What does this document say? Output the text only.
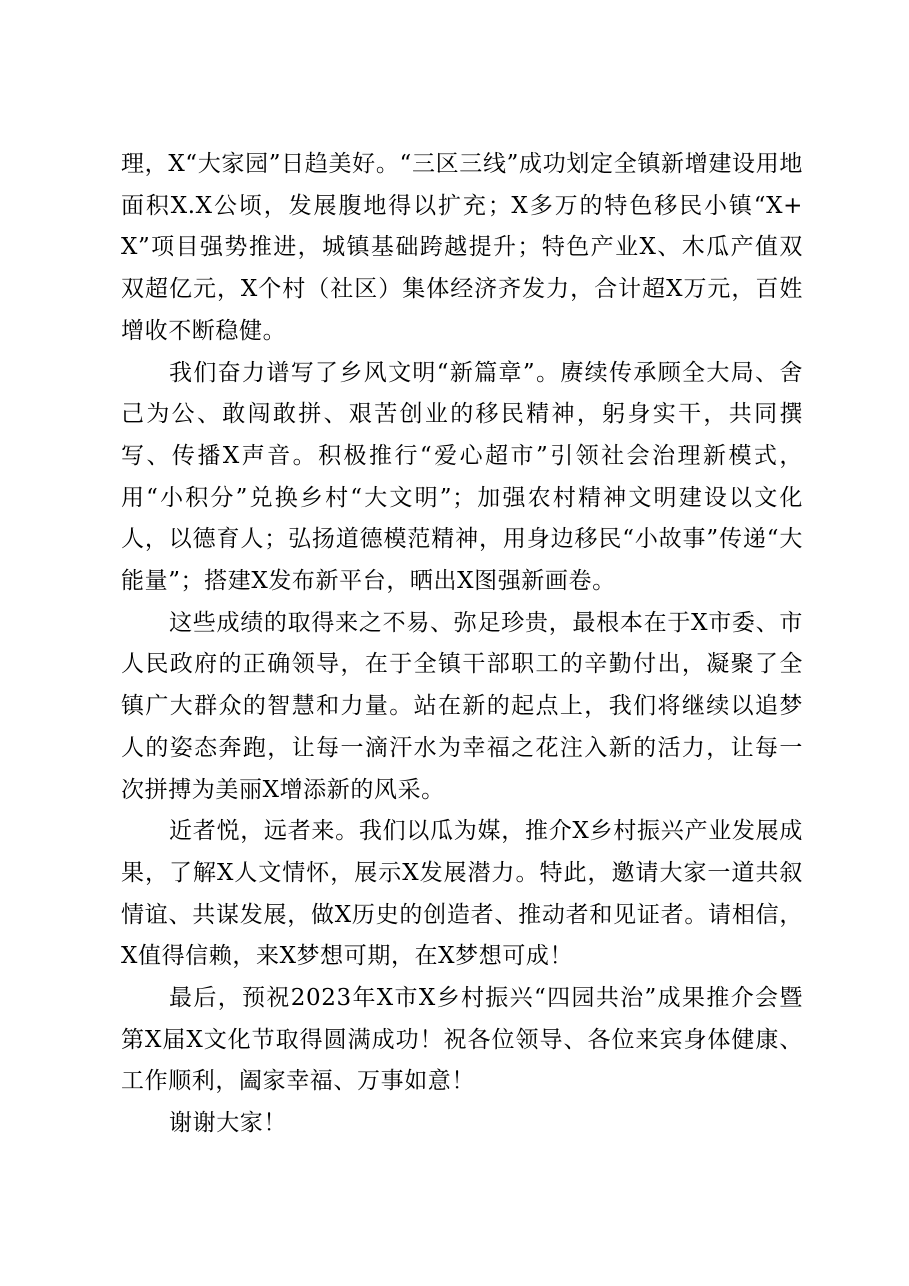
理，X“大家园”日趋美好。“三区三线”成功划定全镇新增建设用地面积X.X公顷，发展腹地得以扩充；X多万的特色移民小镇“X+X”项目强势推进，城镇基础跨越提升；特色产业X、木瓜产值双双超亿元，X个村（社区）集体经济齐发力，合计超X万元，百姓增收不断稳健。

我们奋力谱写了乡风文明“新篇章”。赓续传承顾全大局、舍己为公、敢闯敢拼、艰苦创业的移民精神，躬身实干，共同撰写、传播X声音。积极推行“爱心超市”引领社会治理新模式，用“小积分”兑换乡村“大文明”；加强农村精神文明建设以文化人，以德育人；弘扬道德模范精神，用身边移民“小故事”传递“大能量”；搭建X发布新平台，晒出X图强新画卷。

这些成绩的取得来之不易、弥足珍贵，最根本在于X市委、市人民政府的正确领导，在于全镇干部职工的辛勤付出，凝聚了全镇广大群众的智慧和力量。站在新的起点上，我们将继续以追梦人的姿态奔跑，让每一滴汗水为幸福之花注入新的活力，让每一次拼搏为美丽X增添新的风采。

近者悦，远者来。我们以瓜为媒，推介X乡村振兴产业发展成果，了解X人文情怀，展示X发展潜力。特此，邀请大家一道共叙情谊、共谋发展，做X历史的创造者、推动者和见证者。请相信，X值得信赖，来X梦想可期，在X梦想可成！

最后，预祝2023年X市X乡村振兴“四园共治”成果推介会暨第X届X文化节取得圆满成功！祝各位领导、各位来宾身体健康、工作顺利，阖家幸福、万事如意！

谢谢大家！
